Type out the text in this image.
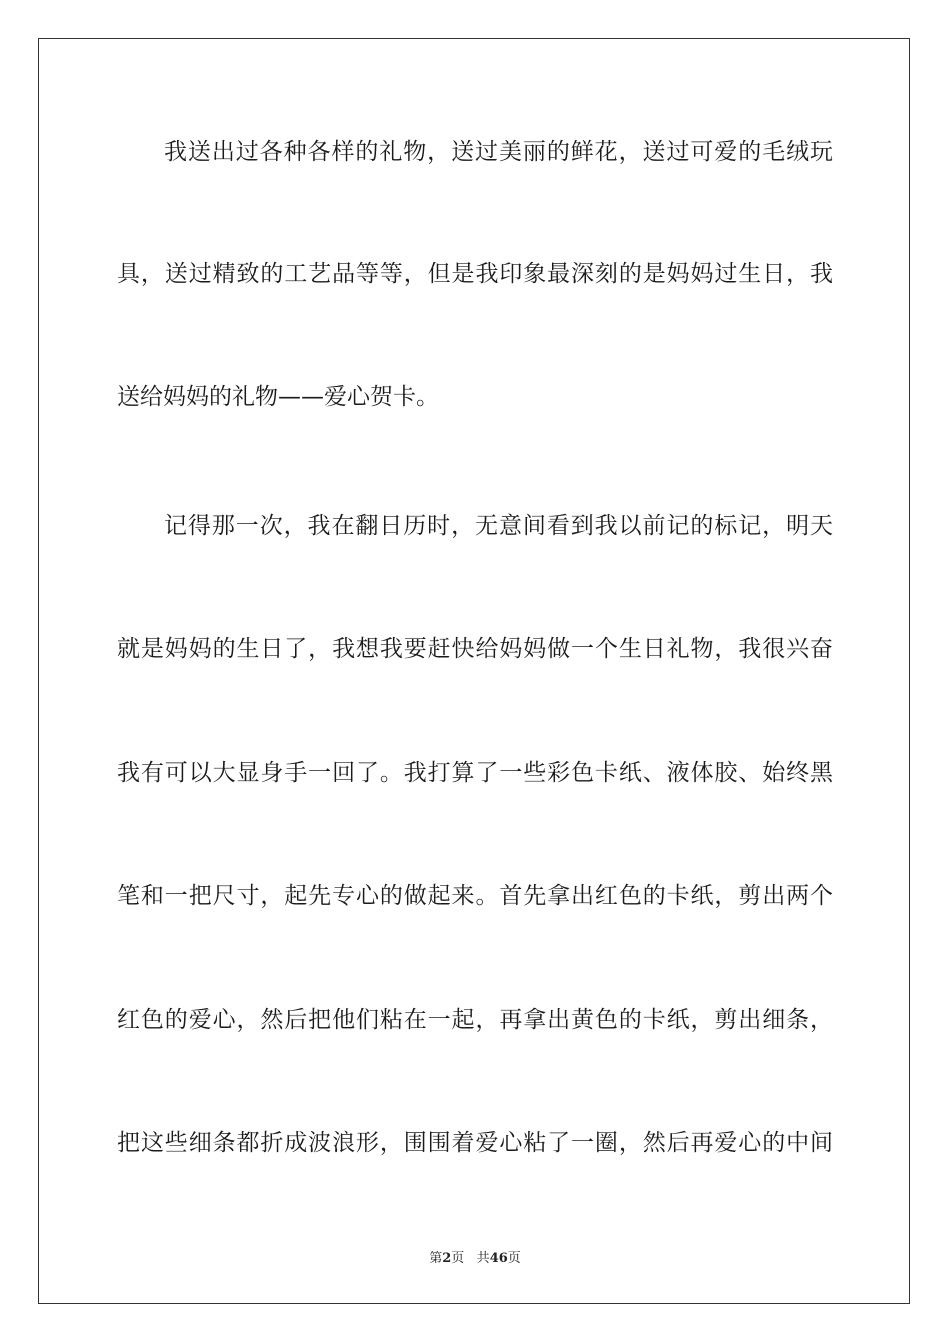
我送出过各种各样的礼物，送过美丽的鲜花，送过可爱的毛绒玩
具，送过精致的工艺品等等，但是我印象最深刻的是妈妈过生日，我
送给妈妈的礼物——爱心贺卡。
记得那一次，我在翻日历时，无意间看到我以前记的标记，明天
就是妈妈的生日了，我想我要赶快给妈妈做一个生日礼物，我很兴奋
我有可以大显身手一回了。我打算了一些彩色卡纸、液体胶、始终黑
笔和一把尺寸，起先专心的做起来。首先拿出红色的卡纸，剪出两个
红色的爱心，然后把他们粘在一起，再拿出黄色的卡纸，剪出细条，
把这些细条都折成波浪形，围围着爱心粘了一圈，然后再爱心的中间
第2页 共46页
